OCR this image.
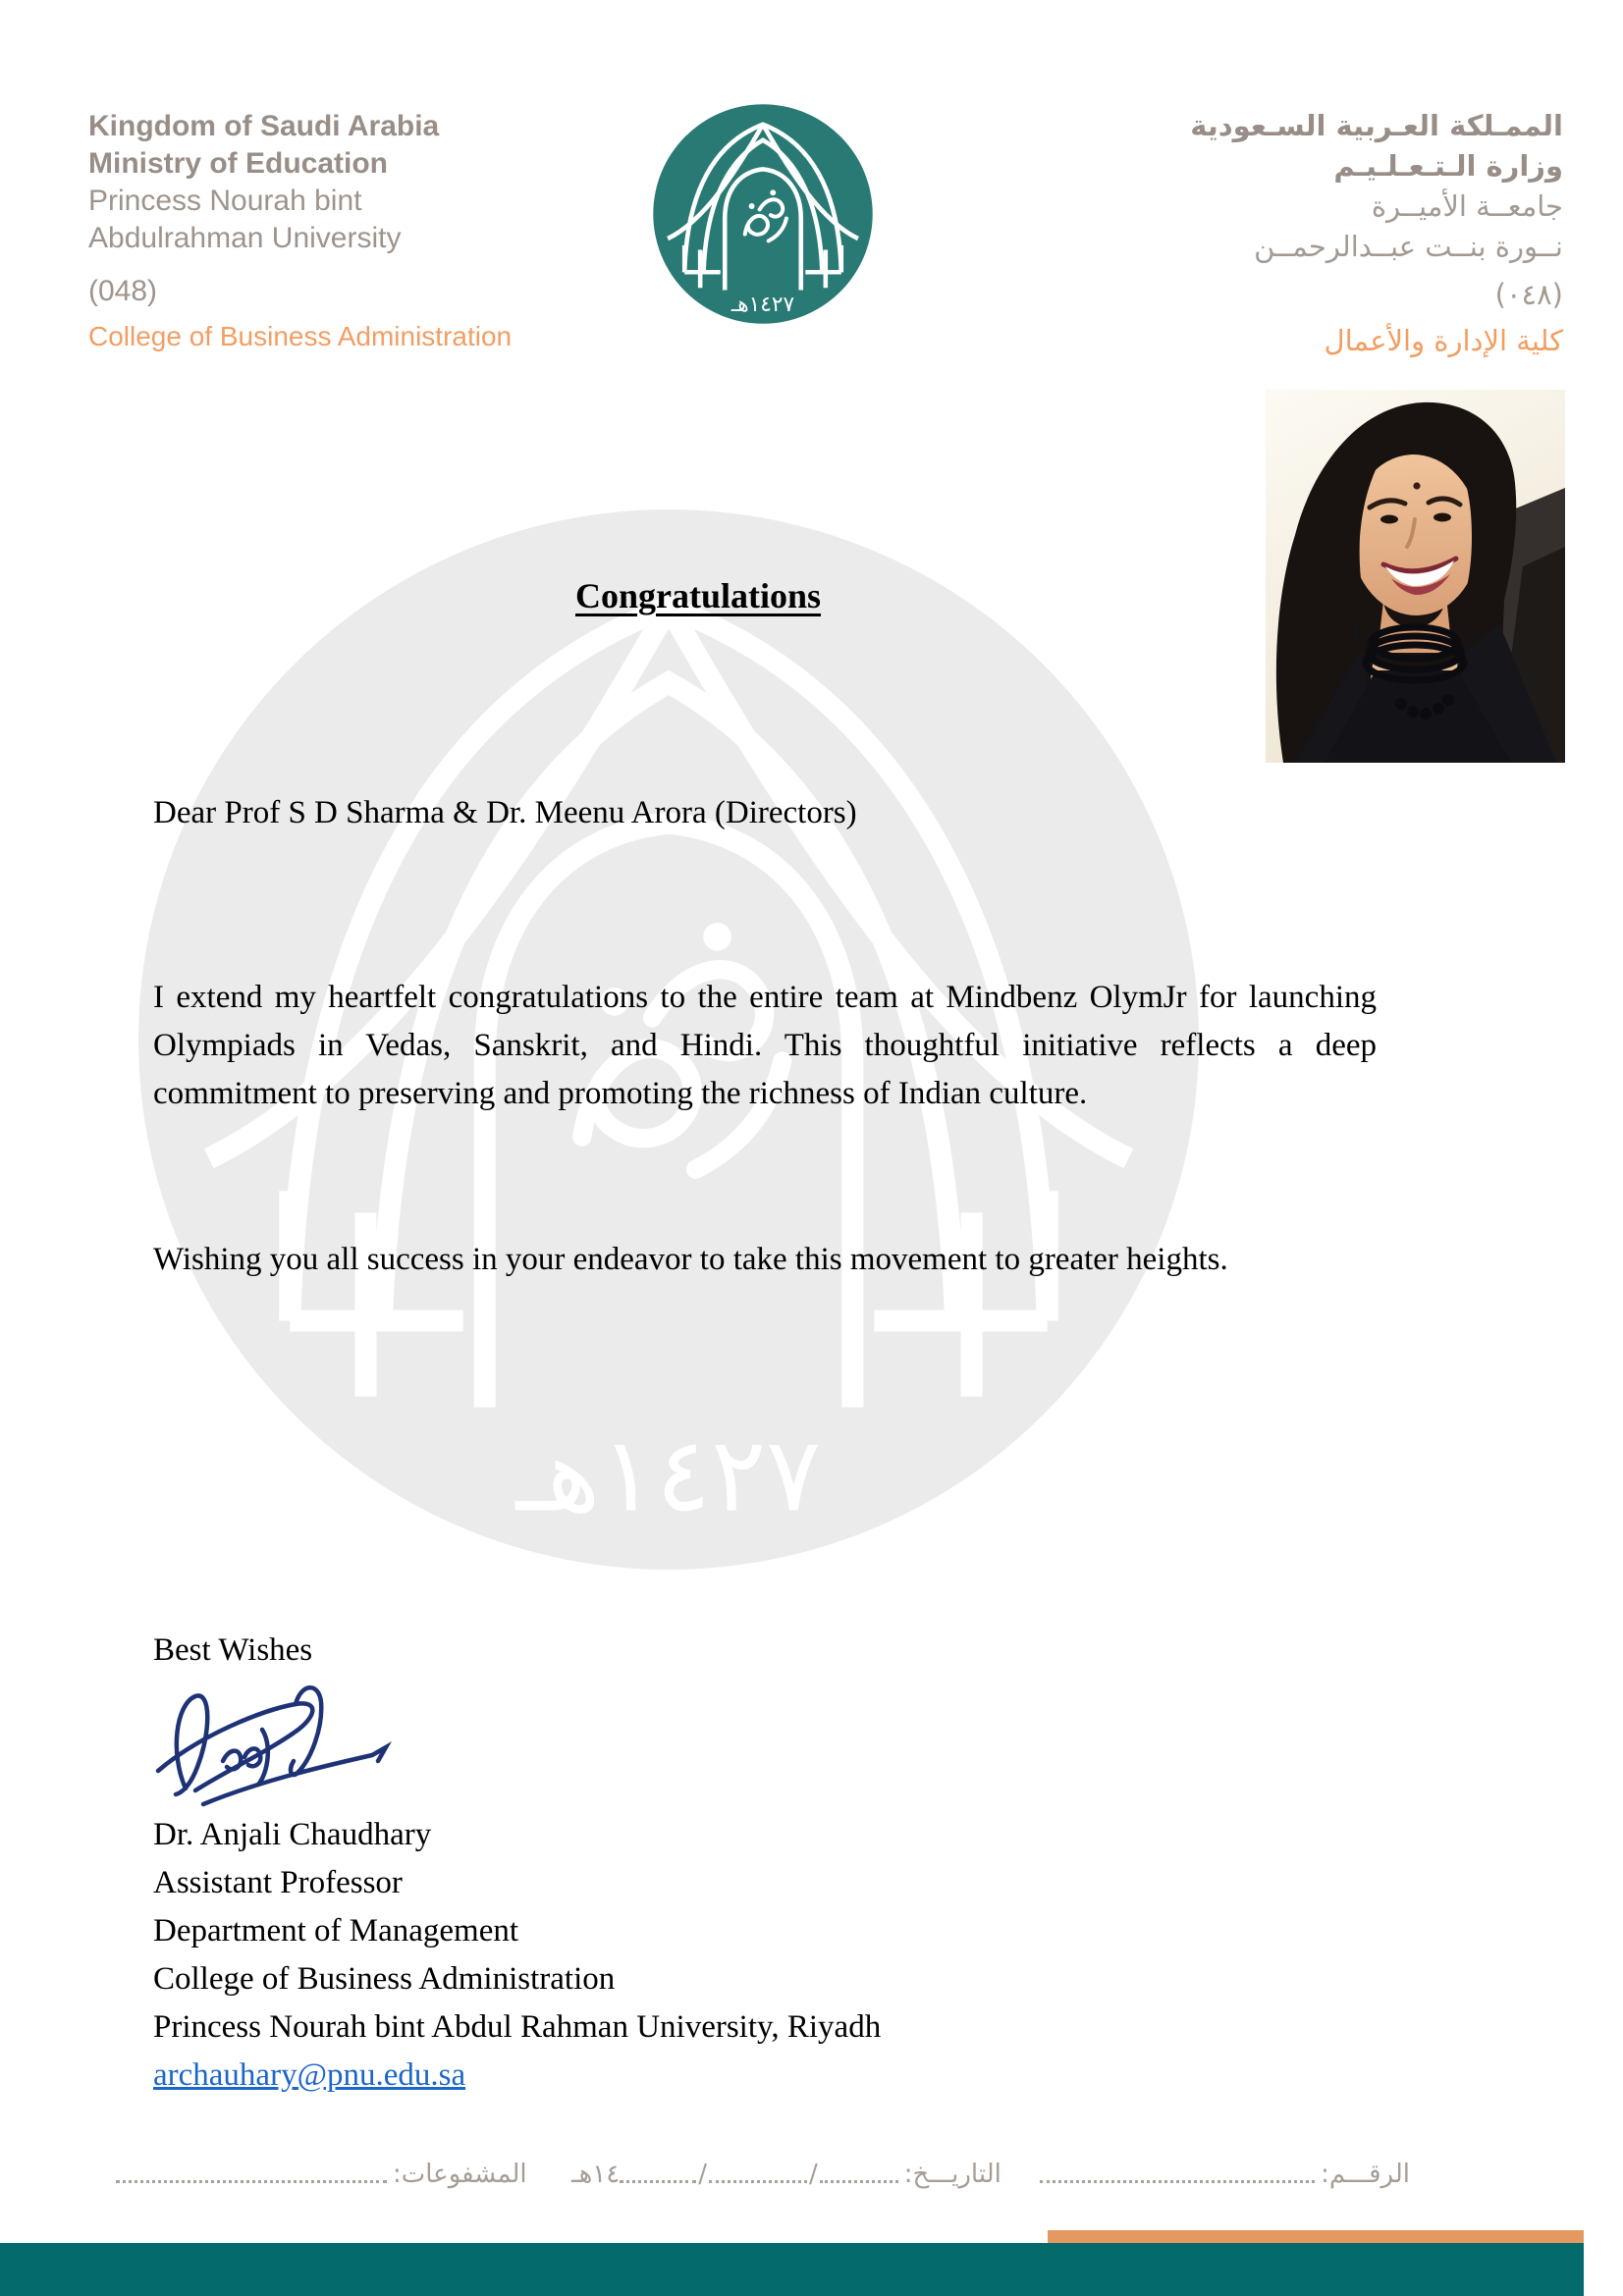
Kingdom of Saudi Arabia
Ministry of Education
Princess Nourah bint
Abdulrahman University
(048)
College of Business Administration
الممـلكة العـربية السـعودية
وزارة الـتـعـلـيـم
جامعــة الأميــرة
نــورة بنــت عبــدالرحمــن
(٠٤٨)
كلية الإدارة والأعمال
Congratulations
Dear Prof S D Sharma & Dr. Meenu Arora (Directors)
I extend my heartfelt congratulations to the entire team at Mindbenz OlymJr for launching Olympiads in Vedas, Sanskrit, and Hindi. This thoughtful initiative reflects a deep commitment to preserving and promoting the richness of Indian culture.
Wishing you all success in your endeavor to take this movement to greater heights.
Best Wishes
Dr. Anjali Chaudhary
Assistant Professor
Department of Management
College of Business Administration
Princess Nourah bint Abdul Rahman University, Riyadh
archauhary@pnu.edu.sa
الرقـــم:
التاريـــخ:
/
/
١٤هـ
المشفوعات:
